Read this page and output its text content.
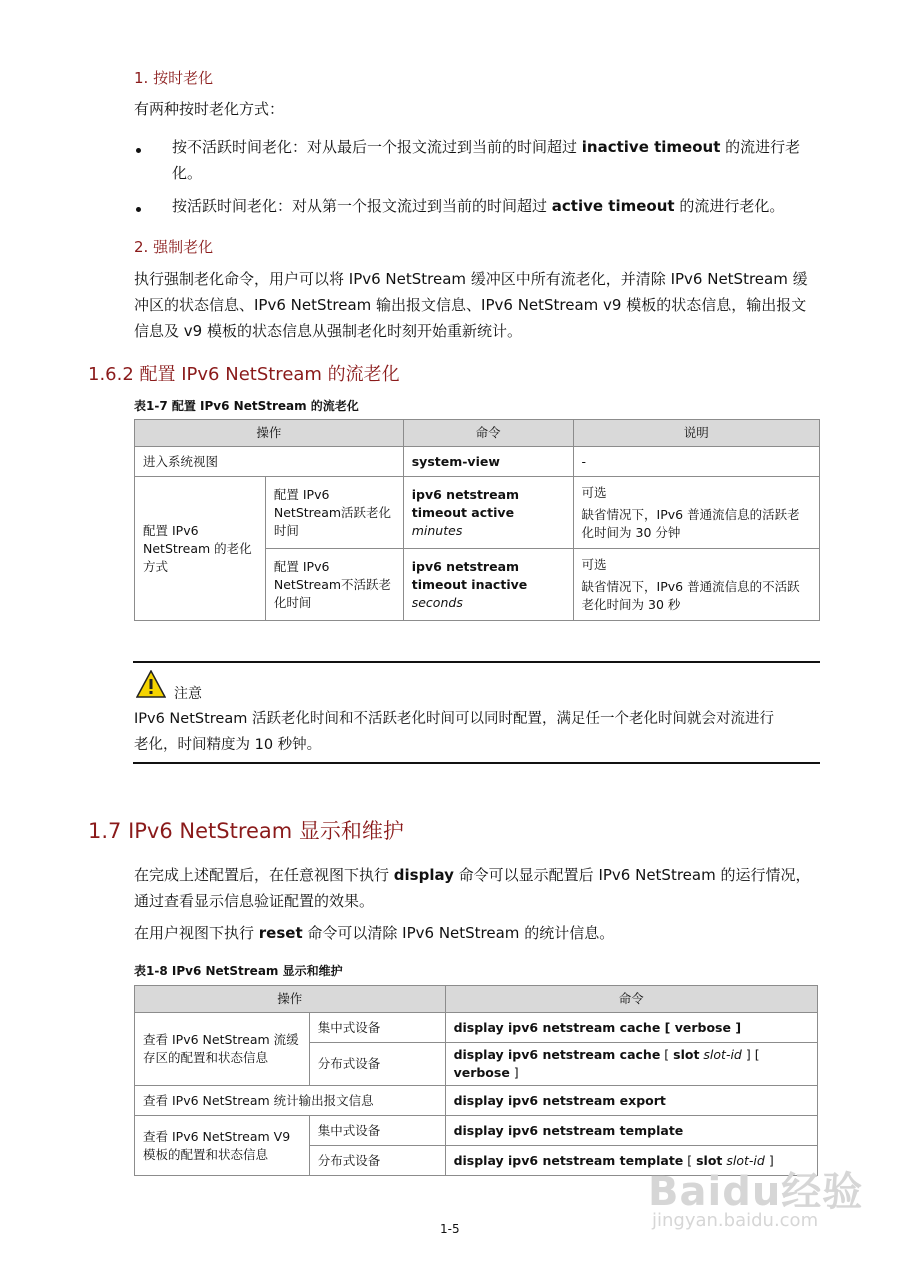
1. 按时老化
有两种按时老化方式：
按不活跃时间老化：对从最后一个报文流过到当前的时间超过 inactive timeout 的流进行老
化。
按活跃时间老化：对从第一个报文流过到当前的时间超过 active timeout 的流进行老化。
2. 强制老化
执行强制老化命令，用户可以将 IPv6 NetStream 缓冲区中所有流老化，并清除 IPv6 NetStream 缓
冲区的状态信息、IPv6 NetStream 输出报文信息、IPv6 NetStream v9 模板的状态信息，输出报文
信息及 v9 模板的状态信息从强制老化时刻开始重新统计。
1.6.2 配置 IPv6 NetStream 的流老化
表1-7 配置 IPv6 NetStream 的流老化
操作		命令	说明
进入系统视图		system-view	-
配置 IPv6 NetStream 的老化方式	配置 IPv6 NetStream活跃老化时间	ipv6 netstream timeout active minutes	可选
缺省情况下，IPv6 普通流信息的活跃老化时间为 30 分钟

	配置 IPv6 NetStream不活跃老化时间	ipv6 netstream timeout inactive seconds	可选
缺省情况下，IPv6 普通流信息的不活跃老化时间为 30 秒
注意
IPv6 NetStream 活跃老化时间和不活跃老化时间可以同时配置，满足任一个老化时间就会对流进行
老化，时间精度为 10 秒钟。
1.7 IPv6 NetStream 显示和维护
在完成上述配置后，在任意视图下执行 display 命令可以显示配置后 IPv6 NetStream 的运行情况，
通过查看显示信息验证配置的效果。
在用户视图下执行 reset 命令可以清除 IPv6 NetStream 的统计信息。
表1-8 IPv6 NetStream 显示和维护
操作		命令
查看 IPv6 NetStream 流缓存区的配置和状态信息	集中式设备	display ipv6 netstream cache [ verbose ]
	分布式设备	display ipv6 netstream cache [ slot slot-id ] [ verbose ]
查看 IPv6 NetStream 统计输出报文信息		display ipv6 netstream export
查看 IPv6 NetStream V9 模板的配置和状态信息	集中式设备	display ipv6 netstream template
	分布式设备	display ipv6 netstream template [ slot slot-id ]
Baidu经验
jingyan.baidu.com
1-5
